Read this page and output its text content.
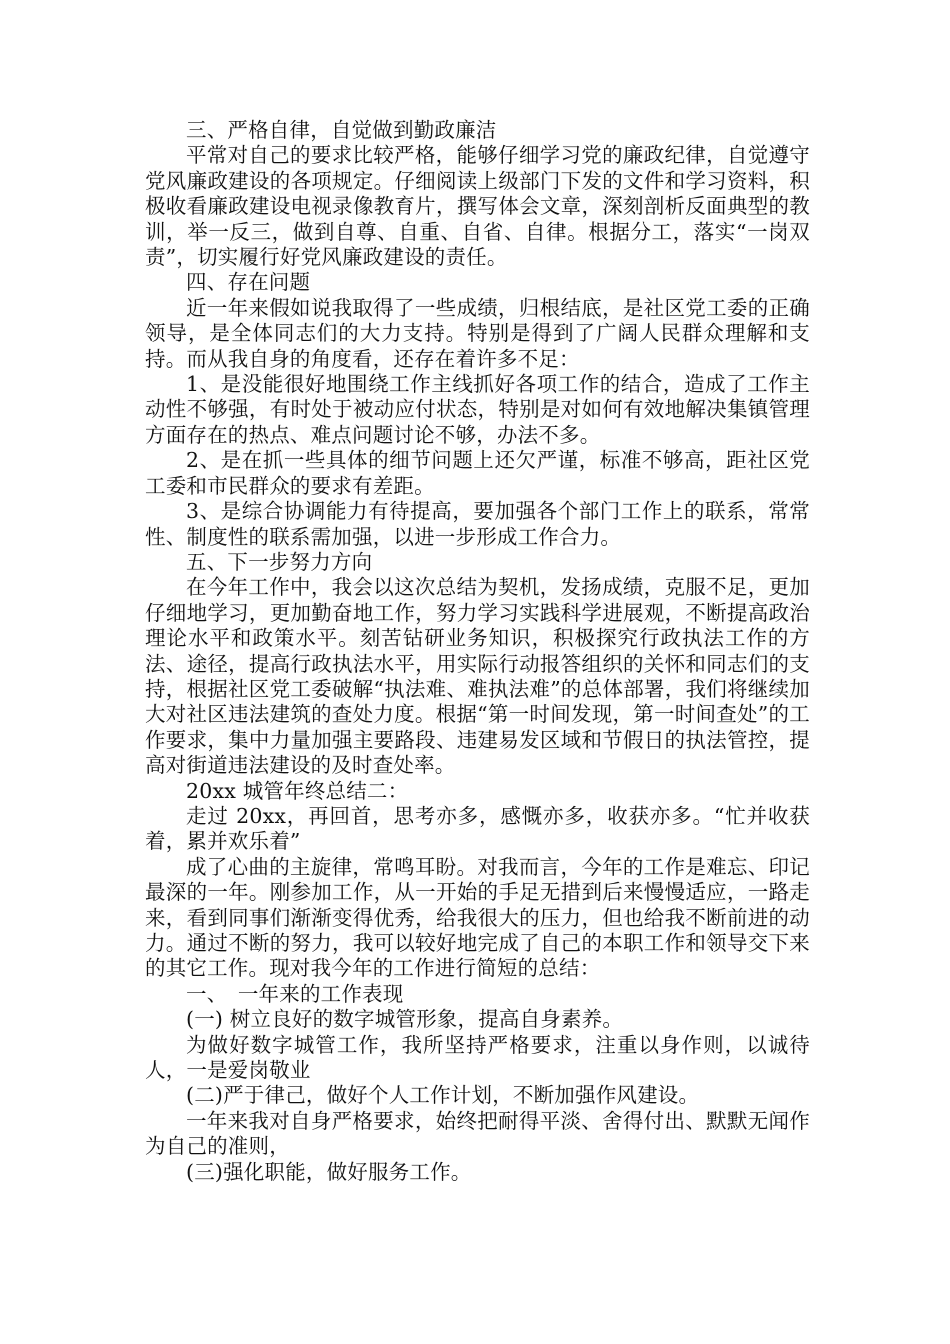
三、严格自律，自觉做到勤政廉洁

平常对自己的要求比较严格，能够仔细学习党的廉政纪律，自觉遵守党风廉政建设的各项规定。仔细阅读上级部门下发的文件和学习资料，积极收看廉政建设电视录像教育片，撰写体会文章，深刻剖析反面典型的教训，举一反三，做到自尊、自重、自省、自律。根据分工，落实“一岗双责”，切实履行好党风廉政建设的责任。

四、存在问题

近一年来假如说我取得了一些成绩，归根结底，是社区党工委的正确领导，是全体同志们的大力支持。特别是得到了广阔人民群众理解和支持。而从我自身的角度看，还存在着许多不足：

1、是没能很好地围绕工作主线抓好各项工作的结合，造成了工作主动性不够强，有时处于被动应付状态，特别是对如何有效地解决集镇管理方面存在的热点、难点问题讨论不够，办法不多。

2、是在抓一些具体的细节问题上还欠严谨，标准不够高，距社区党工委和市民群众的要求有差距。

3、是综合协调能力有待提高，要加强各个部门工作上的联系，常常性、制度性的联系需加强，以进一步形成工作合力。

五、下一步努力方向

在今年工作中，我会以这次总结为契机，发扬成绩，克服不足，更加仔细地学习，更加勤奋地工作，努力学习实践科学进展观，不断提高政治理论水平和政策水平。刻苦钻研业务知识，积极探究行政执法工作的方法、途径，提高行政执法水平，用实际行动报答组织的关怀和同志们的支持，根据社区党工委破解“执法难、难执法难”的总体部署，我们将继续加大对社区违法建筑的查处力度。根据“第一时间发现，第一时间查处”的工作要求，集中力量加强主要路段、违建易发区域和节假日的执法管控，提高对街道违法建设的及时查处率。

20xx 城管年终总结二：

走过 20xx，再回首，思考亦多，感慨亦多，收获亦多。“忙并收获着，累并欢乐着”

成了心曲的主旋律，常鸣耳盼。对我而言，今年的工作是难忘、印记最深的一年。刚参加工作，从一开始的手足无措到后来慢慢适应，一路走来，看到同事们渐渐变得优秀，给我很大的压力，但也给我不断前进的动力。通过不断的努力，我可以较好地完成了自己的本职工作和领导交下来的其它工作。现对我今年的工作进行简短的总结：

一、　一年来的工作表现

(一) 树立良好的数字城管形象，提高自身素养。

为做好数字城管工作，我所坚持严格要求，注重以身作则，以诚待人，一是爱岗敬业

(二)严于律己，做好个人工作计划，不断加强作风建设。

一年来我对自身严格要求，始终把耐得平淡、舍得付出、默默无闻作为自己的准则，

(三)强化职能，做好服务工作。
